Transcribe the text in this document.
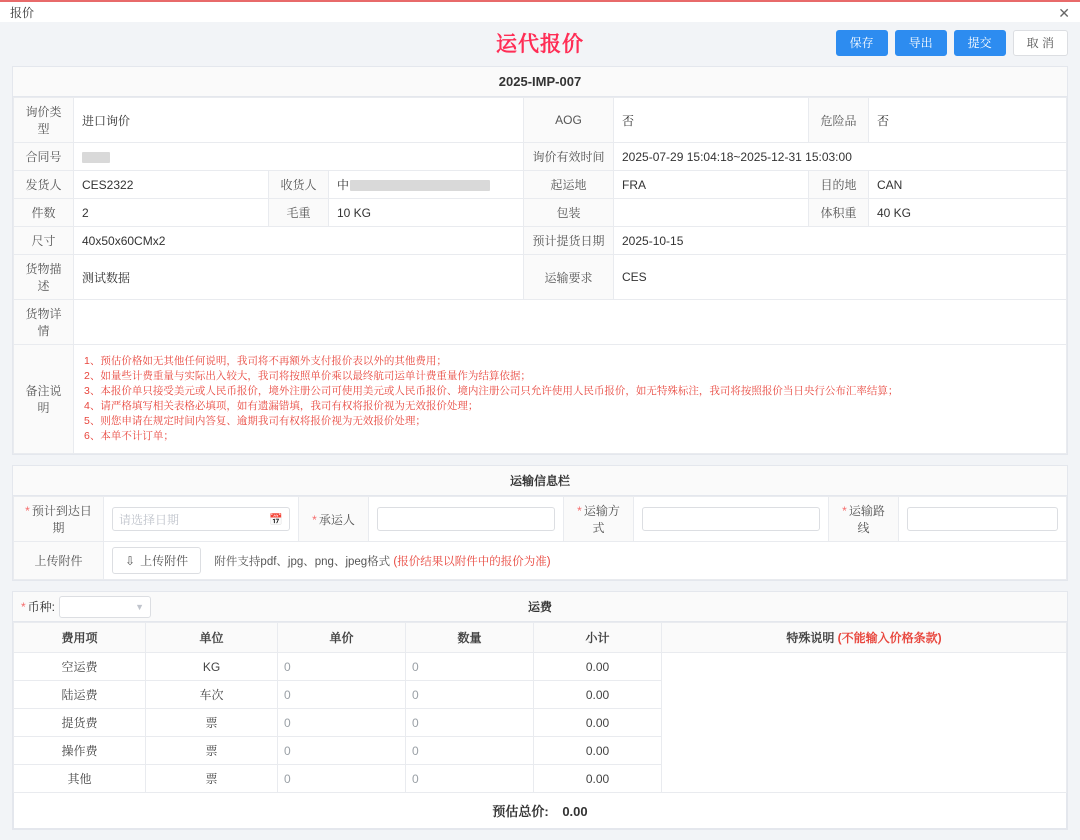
报价	✕
运代报价	保存	导出	提交	取 消
2025-IMP-007
询价类型	进口询价			AOG	否	危险品	否
合同号				询价有效时间	2025-07-29 15:04:18~2025-12-31 15:03:00		
发货人	CES2322	收货人	中	起运地	FRA	目的地	CAN
件数	2	毛重	10 KG	包装		体积重	40 KG
尺寸	40x50x60CMx2			预计提货日期	2025-10-15		
货物描述	测试数据			运输要求	CES		
货物详情							
备注说明	
1、预估价格如无其他任何说明，我司将不再额外支付报价表以外的其他费用；
2、如量些计费重量与实际出入较大，我司将按照单价乘以最终航司运单计费重量作为结算依据；
3、本报价单只接受美元或人民币报价，境外注册公司可使用美元或人民币报价、境内注册公司只允许使用人民币报价，如无特殊标注，我司将按照报价当日央行公布汇率结算；
4、请严格填写相关表格必填项，如有遗漏错填，我司有权将报价视为无效报价处理；
5、则您申请在规定时间内答复、逾期我司有权将报价视为无效报价处理；
6、本单不计订单；
运输信息栏
* 预计到达日期	请选择日期 📅	* 承运人		* 运输方式		* 运输路线	

上传附件	⇩ 上传附件 附件支持pdf、jpg、png、jpeg格式 (报价结果以附件中的报价为准)						
* 币种:	▼	运费
费用项	单位	单价	数量	小计	特殊说明 (不能输入价格条款)
空运费	KG	0	0	0.00	
陆运费	车次	0	0	0.00	
提货费	票	0	0	0.00	
操作费	票	0	0	0.00	
其他	票	0	0	0.00	
预估总价: 0.00
